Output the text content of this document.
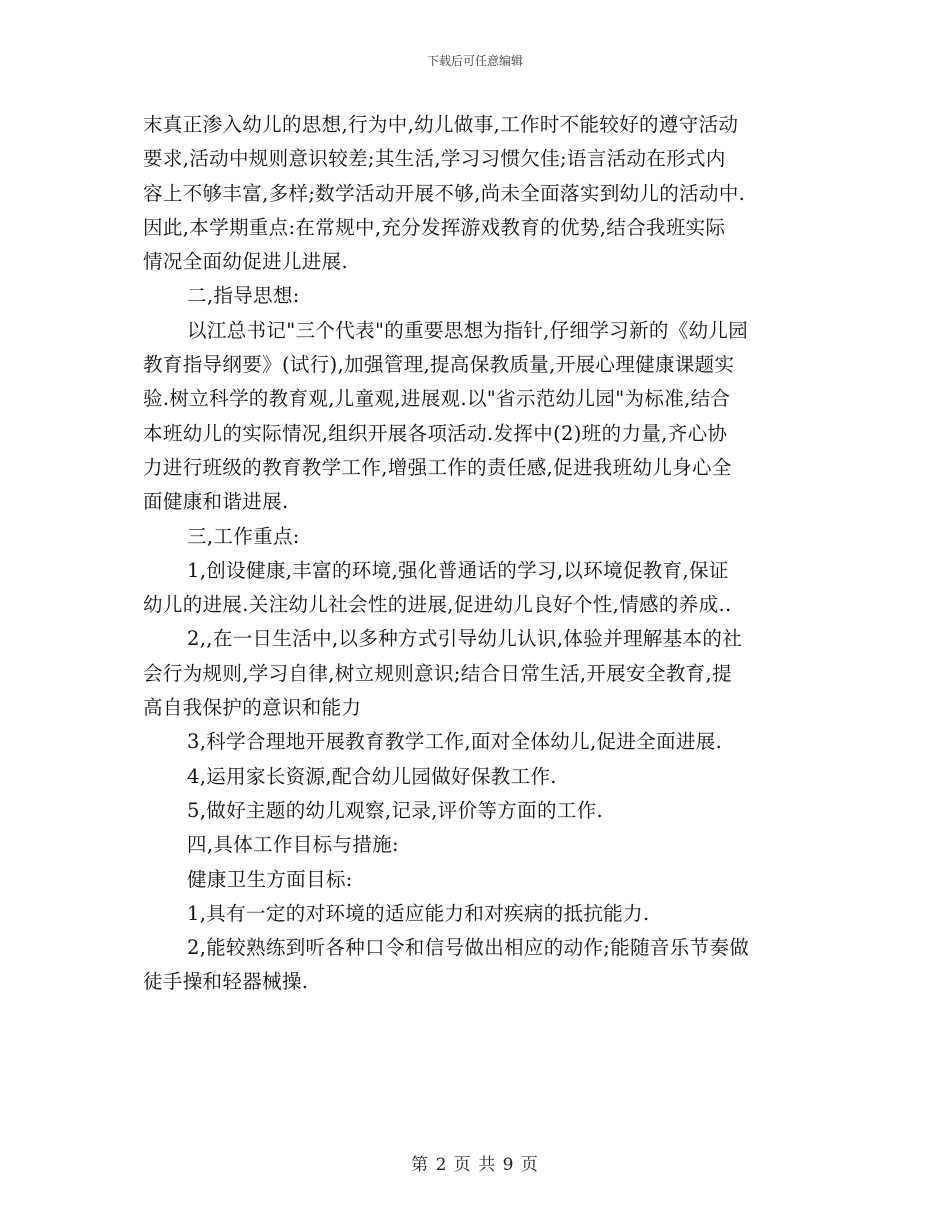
下载后可任意编辑
末真正渗入幼儿的思想,行为中,幼儿做事,工作时不能较好的遵守活动
要求,活动中规则意识较差;其生活,学习习惯欠佳;语言活动在形式内
容上不够丰富,多样;数学活动开展不够,尚未全面落实到幼儿的活动中.
因此,本学期重点:在常规中,充分发挥游戏教育的优势,结合我班实际
情况全面幼促进儿进展.
二,指导思想:
以江总书记"三个代表"的重要思想为指针,仔细学习新的《幼儿园
教育指导纲要》(试行),加强管理,提高保教质量,开展心理健康课题实
验.树立科学的教育观,儿童观,进展观.以"省示范幼儿园"为标准,结合
本班幼儿的实际情况,组织开展各项活动.发挥中(2)班的力量,齐心协
力进行班级的教育教学工作,增强工作的责任感,促进我班幼儿身心全
面健康和谐进展.
三,工作重点:
1,创设健康,丰富的环境,强化普通话的学习,以环境促教育,保证
幼儿的进展.关注幼儿社会性的进展,促进幼儿良好个性,情感的养成..
2,,在一日生活中,以多种方式引导幼儿认识,体验并理解基本的社
会行为规则,学习自律,树立规则意识;结合日常生活,开展安全教育,提
高自我保护的意识和能力
3,科学合理地开展教育教学工作,面对全体幼儿,促进全面进展.
4,运用家长资源,配合幼儿园做好保教工作.
5,做好主题的幼儿观察,记录,评价等方面的工作.
四,具体工作目标与措施:
健康卫生方面目标:
1,具有一定的对环境的适应能力和对疾病的抵抗能力.
2,能较熟练到听各种口令和信号做出相应的动作;能随音乐节奏做
徒手操和轻器械操.
第 2 页 共 9 页
